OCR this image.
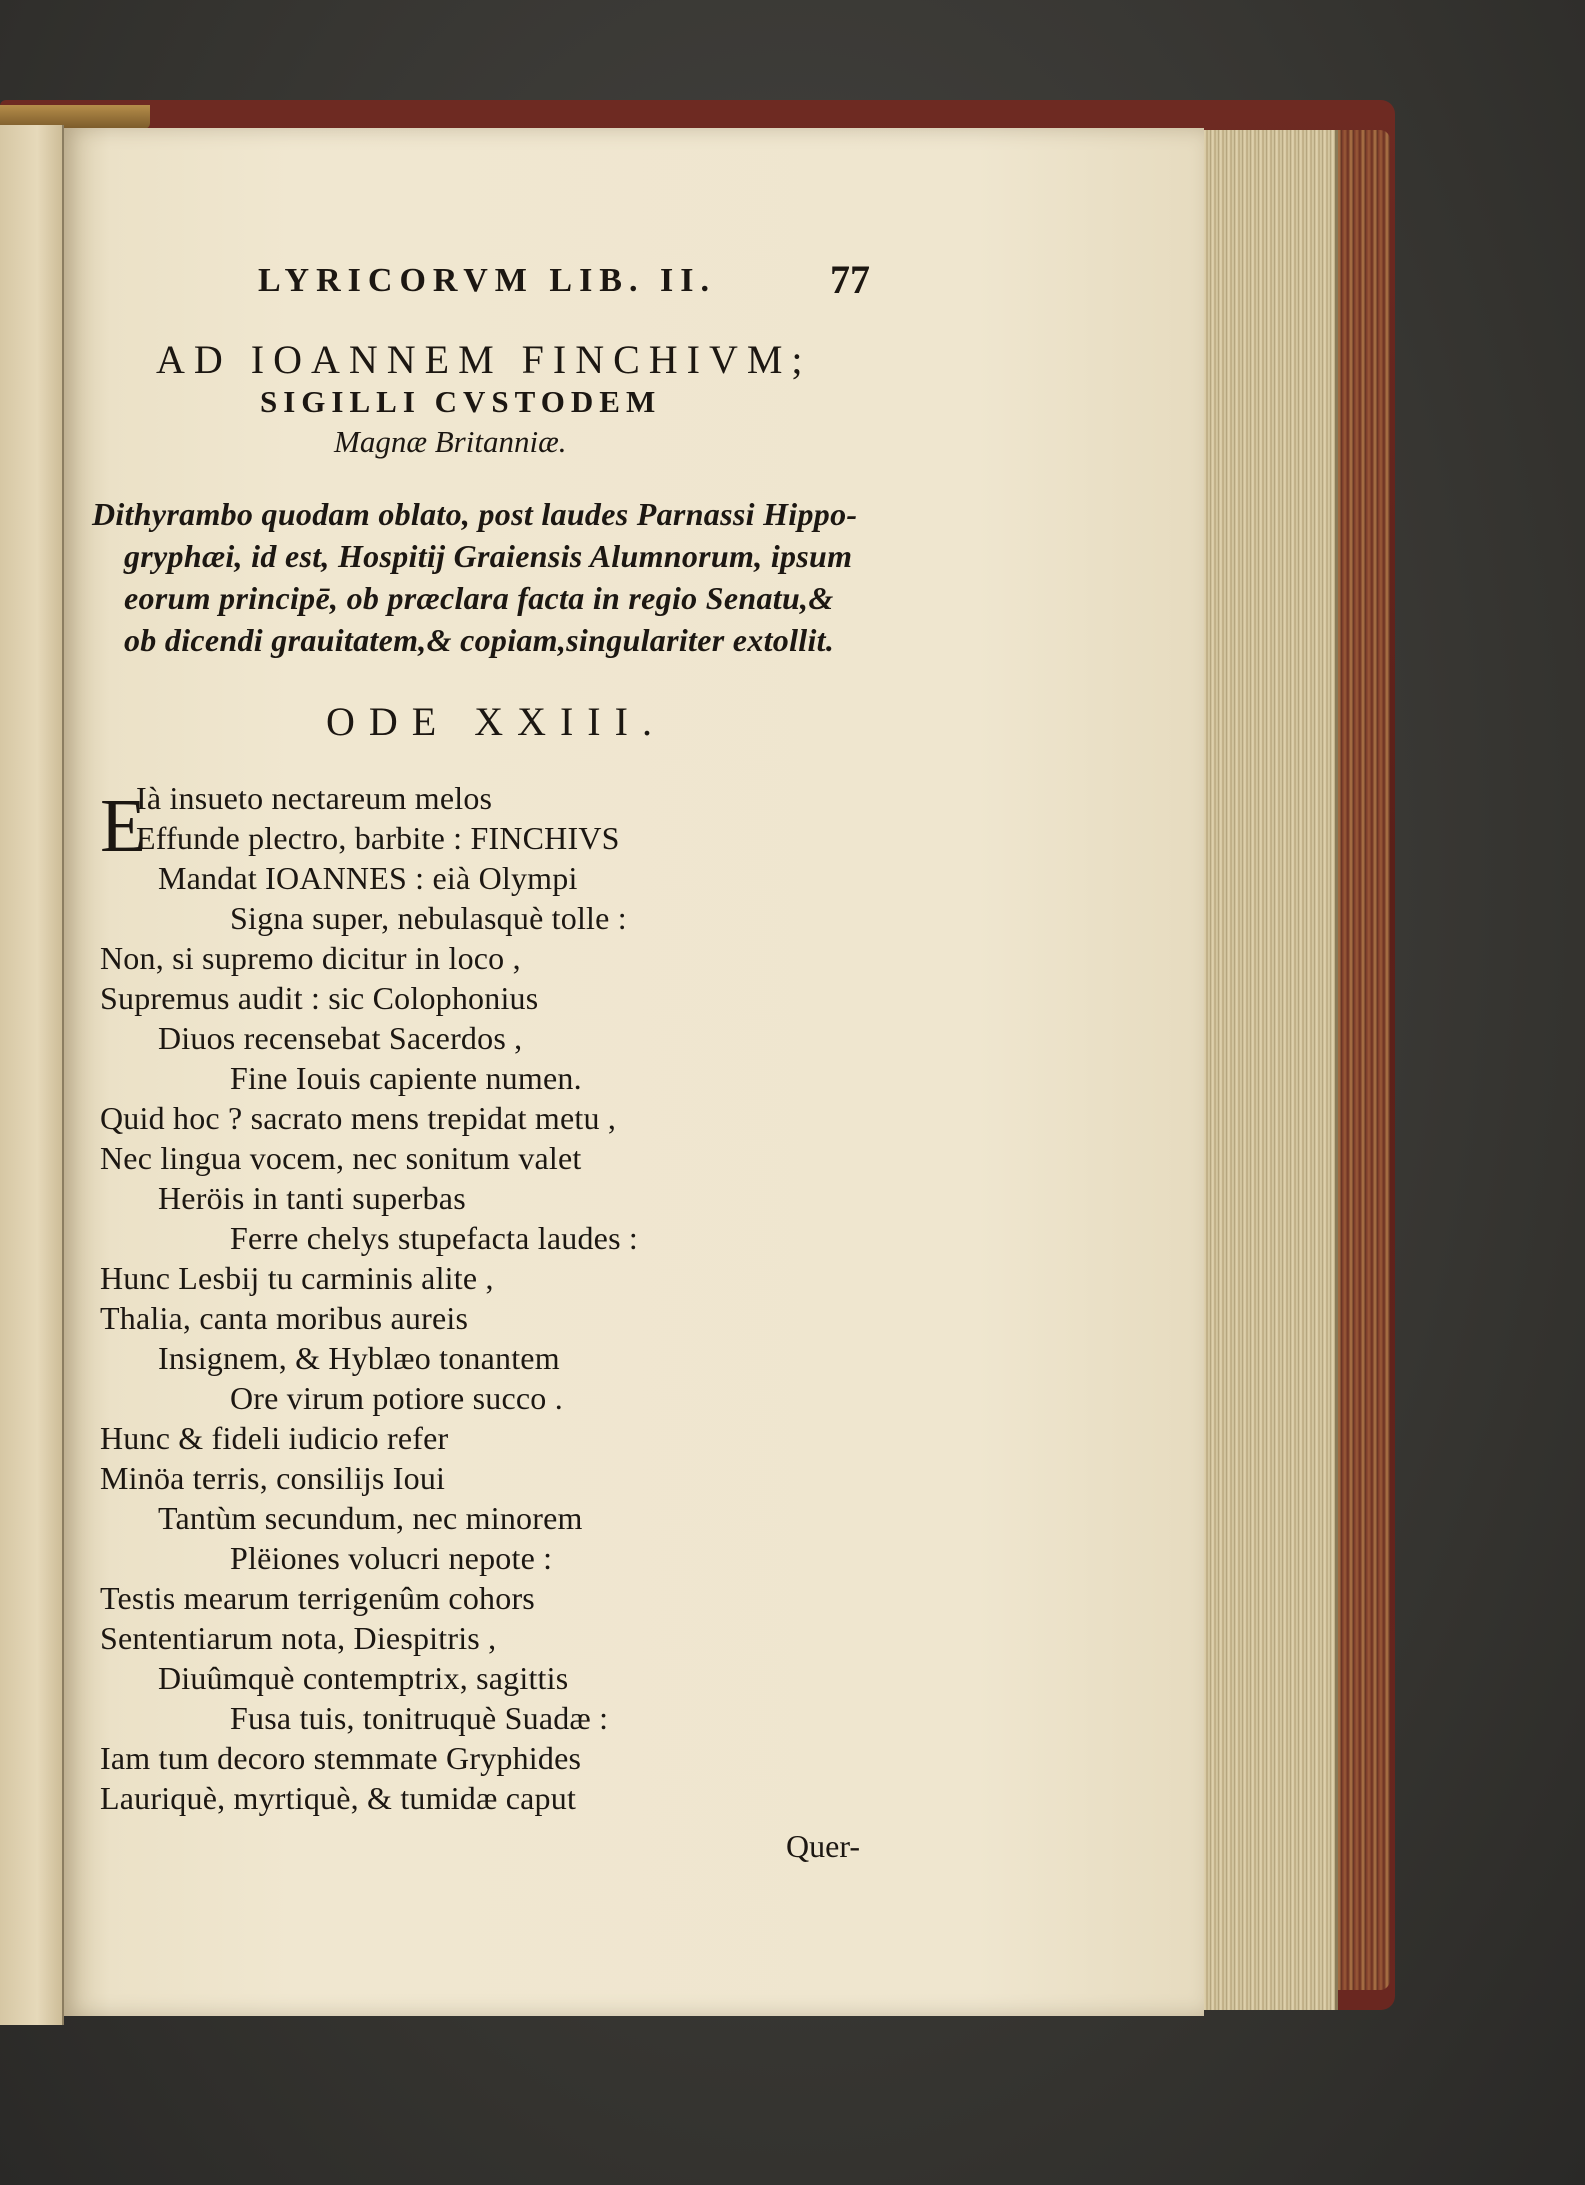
LYRICORVM LIB. II.	77
AD IOANNEM FINCHIVM;
SIGILLI CVSTODEM
Magnæ Britanniæ.
Dithyrambo quodam oblato, post laudes Parnassi Hippo-
gryphæi, id est, Hospitij Graiensis Alumnorum, ipsum
eorum principē, ob præclara facta in regio Senatu,&
ob dicendi grauitatem,& copiam,singulariter extollit.
ODE XXIII.
E
Ià insueto nectareum melos
Effunde plectro, barbite : FINCHIVS
Mandat IOANNES : eià Olympi
Signa super, nebulasquè tolle :
Non, si supremo dicitur in loco ,
Supremus audit : sic Colophonius
Diuos recensebat Sacerdos ,
Fine Iouis capiente numen.
Quid hoc ? sacrato mens trepidat metu ,
Nec lingua vocem, nec sonitum valet
Heröis in tanti superbas
Ferre chelys stupefacta laudes :
Hunc Lesbij tu carminis alite ,
Thalia, canta moribus aureis
Insignem, & Hyblæo tonantem
Ore virum potiore succo .
Hunc & fideli iudicio refer
Minöa terris, consilijs Ioui
Tantùm secundum, nec minorem
Plëiones volucri nepote :
Testis mearum terrigenûm cohors
Sententiarum nota, Diespitris ,
Diuûmquè contemptrix, sagittis
Fusa tuis, tonitruquè Suadæ :
Iam tum decoro stemmate Gryphides
Lauriquè, myrtiquè, & tumidæ caput
Quer-
